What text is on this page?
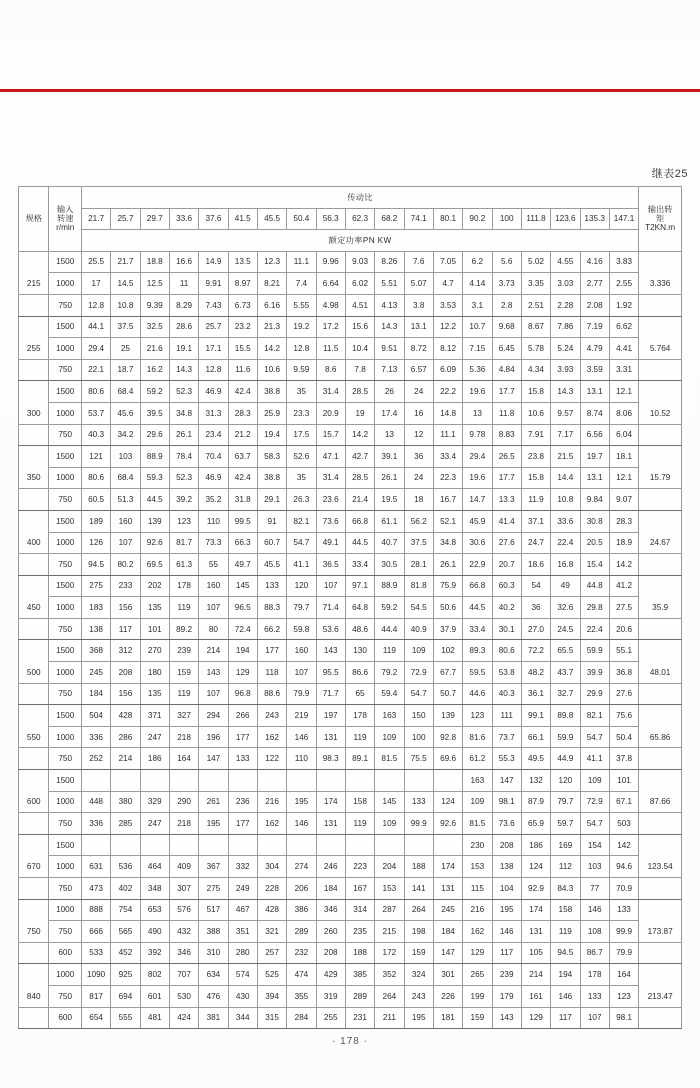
继表25
规格	输入
转速
r/min	传动比																			输出转
矩
T2KN.m

		21.7	25.7	29.7	33.6	37.6	41.5	45.5	50.4	56.3	62.3	68.2	74.1	80.1	90.2	100	111.8	123.6	135.3	147.1	
		额定功率PN KW																			
	1500	25.5	21.7	18.8	16.6	14.9	13.5	12.3	11.1	9.96	9.03	8.26	7.6	7.05	6.2	5.6	5.02	4.55	4.16	3.83	
215	1000	17	14.5	12.5	11	9.91	8.97	8.21	7.4	6.64	6.02	5.51	5.07	4.7	4.14	3.73	3.35	3.03	2.77	2.55	3.336
	750	12.8	10.8	9.39	8.29	7.43	6.73	6.16	5.55	4.98	4.51	4.13	3.8	3.53	3.1	2.8	2.51	2.28	2.08	1.92	
	1500	44.1	37.5	32.5	28.6	25.7	23.2	21.3	19.2	17.2	15.6	14.3	13.1	12.2	10.7	9.68	8.67	7.86	7.19	6.62	
255	1000	29.4	25	21.6	19.1	17.1	15.5	14.2	12.8	11.5	10.4	9.51	8.72	8.12	7.15	6.45	5.78	5.24	4.79	4.41	5.764
	750	22.1	18.7	16.2	14.3	12.8	11.6	10.6	9.59	8.6	7.8	7.13	6.57	6.09	5.36	4.84	4.34	3.93	3.59	3.31	
	1500	80.6	68.4	59.2	52.3	46.9	42.4	38.8	35	31.4	28.5	26	24	22.2	19.6	17.7	15.8	14.3	13.1	12.1	
300	1000	53.7	45.6	39.5	34.8	31.3	28.3	25.9	23.3	20.9	19	17.4	16	14.8	13	11.8	10.6	9.57	8.74	8.06	10.52
	750	40.3	34.2	29.6	26.1	23.4	21.2	19.4	17.5	15.7	14.2	13	12	11.1	9.78	8.83	7.91	7.17	6.56	6.04	
	1500	121	103	88.9	78.4	70.4	63.7	58.3	52.6	47.1	42.7	39.1	36	33.4	29.4	26.5	23.8	21.5	19.7	18.1	
350	1000	80.6	68.4	59.3	52.3	46.9	42.4	38.8	35	31.4	28.5	26.1	24	22.3	19.6	17.7	15.8	14.4	13.1	12.1	15.79
	750	60.5	51.3	44.5	39.2	35.2	31.8	29.1	26.3	23.6	21.4	19.5	18	16.7	14.7	13.3	11.9	10.8	9.84	9.07	
	1500	189	160	139	123	110	99.5	91	82.1	73.6	66.8	61.1	56.2	52.1	45.9	41.4	37.1	33.6	30.8	28.3	
400	1000	126	107	92.6	81.7	73.3	66.3	60.7	54.7	49.1	44.5	40.7	37.5	34.8	30.6	27.6	24.7	22.4	20.5	18.9	24.67
	750	94.5	80.2	69.5	61.3	55	49.7	45.5	41.1	36.5	33.4	30.5	28.1	26.1	22.9	20.7	18.6	16.8	15.4	14.2	
	1500	275	233	202	178	160	145	133	120	107	97.1	88.9	81.8	75.9	66.8	60.3	54	49	44.8	41.2	
450	1000	183	156	135	119	107	96.5	88.3	79.7	71.4	64.8	59.2	54.5	50.6	44.5	40.2	36	32.6	29.8	27.5	35.9
	750	138	117	101	89.2	80	72.4	66.2	59.8	53.6	48.6	44.4	40.9	37.9	33.4	30.1	27.0	24.5	22.4	20.6	
	1500	368	312	270	239	214	194	177	160	143	130	119	109	102	89.3	80.6	72.2	65.5	59.9	55.1	
500	1000	245	208	180	159	143	129	118	107	95.5	86.6	79.2	72.9	67.7	59.5	53.8	48.2	43.7	39.9	36.8	48.01
	750	184	156	135	119	107	96.8	88.6	79.9	71.7	65	59.4	54.7	50.7	44.6	40.3	36.1	32.7	29.9	27.6	
	1500	504	428	371	327	294	266	243	219	197	178	163	150	139	123	111	99.1	89.8	82.1	75.6	
550	1000	336	286	247	218	196	177	162	146	131	119	109	100	92.8	81.6	73.7	66.1	59.9	54.7	50.4	65.86
	750	252	214	186	164	147	133	122	110	98.3	89.1	81.5	75.5	69.6	61.2	55.3	49.5	44.9	41.1	37.8	
	1500														163	147	132	120	109	101	
600	1000	448	380	329	290	261	236	216	195	174	158	145	133	124	109	98.1	87.9	79.7	72.9	67.1	87.66
	750	336	285	247	218	195	177	162	146	131	119	109	99.9	92.6	81.5	73.6	65.9	59.7	54.7	503	
	1500														230	208	186	169	154	142	
670	1000	631	536	464	409	367	332	304	274	246	223	204	188	174	153	138	124	112	103	94.6	123.54
	750	473	402	348	307	275	249	228	206	184	167	153	141	131	115	104	92.9	84.3	77	70.9	
	1000	888	754	653	576	517	467	428	386	346	314	287	264	245	216	195	174	158	146	133	
750	750	666	565	490	432	388	351	321	289	260	235	215	198	184	162	146	131	119	108	99.9	173.87
	600	533	452	392	346	310	280	257	232	208	188	172	159	147	129	117	105	94.5	86.7	79.9	
	1000	1090	925	802	707	634	574	525	474	429	385	352	324	301	265	239	214	194	178	164	
840	750	817	694	601	530	476	430	394	355	319	289	264	243	226	199	179	161	146	133	123	213.47
	600	654	555	481	424	381	344	315	284	255	231	211	195	181	159	143	129	117	107	98.1	
· 178 ·
